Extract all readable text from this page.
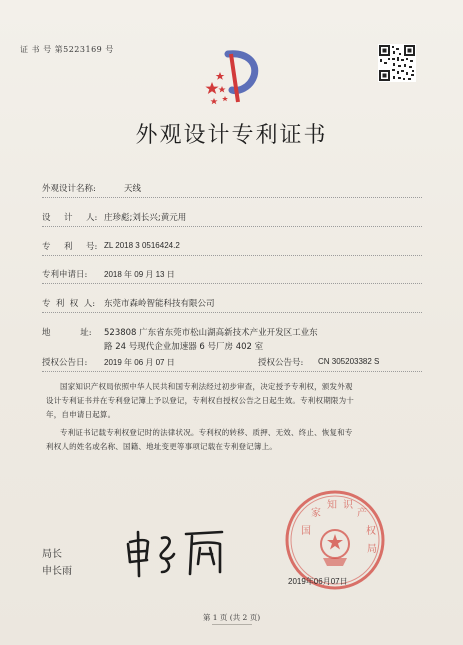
证 书 号 第5223169 号
外观设计专利证书
外观设计名称:	天线
设     计     人: 庄珍彪;刘长兴;黄元用
专     利     号: ZL 2018 3 0516424.2
专利申请日: 2018 年 09 月 13 日
专  利  权  人: 东莞市森岭智能科技有限公司
地           址: 523808 广东省东莞市松山湖高新技术产业开发区工业东
路 24 号现代企业加速器 6 号厂房 402 室
授权公告日: 2019 年 06 月 07 日	授权公告号: CN 305203382 S
国家知识产权局依照中华人民共和国专利法经过初步审查，决定授予专利权，颁发外观
设计专利证书并在专利登记簿上予以登记，专利权自授权公告之日起生效。专利权期限为十
年，自申请日起算。
专利证书记载专利权登记时的法律状况。专利权的转移、质押、无效、终止、恢复和专
利权人的姓名或名称、国籍、地址变更等事项记载在专利登记簿上。
局长
申长雨
国
家
知 识
产
权
局
2019年06月07日
第 1 页 (共 2 页)
